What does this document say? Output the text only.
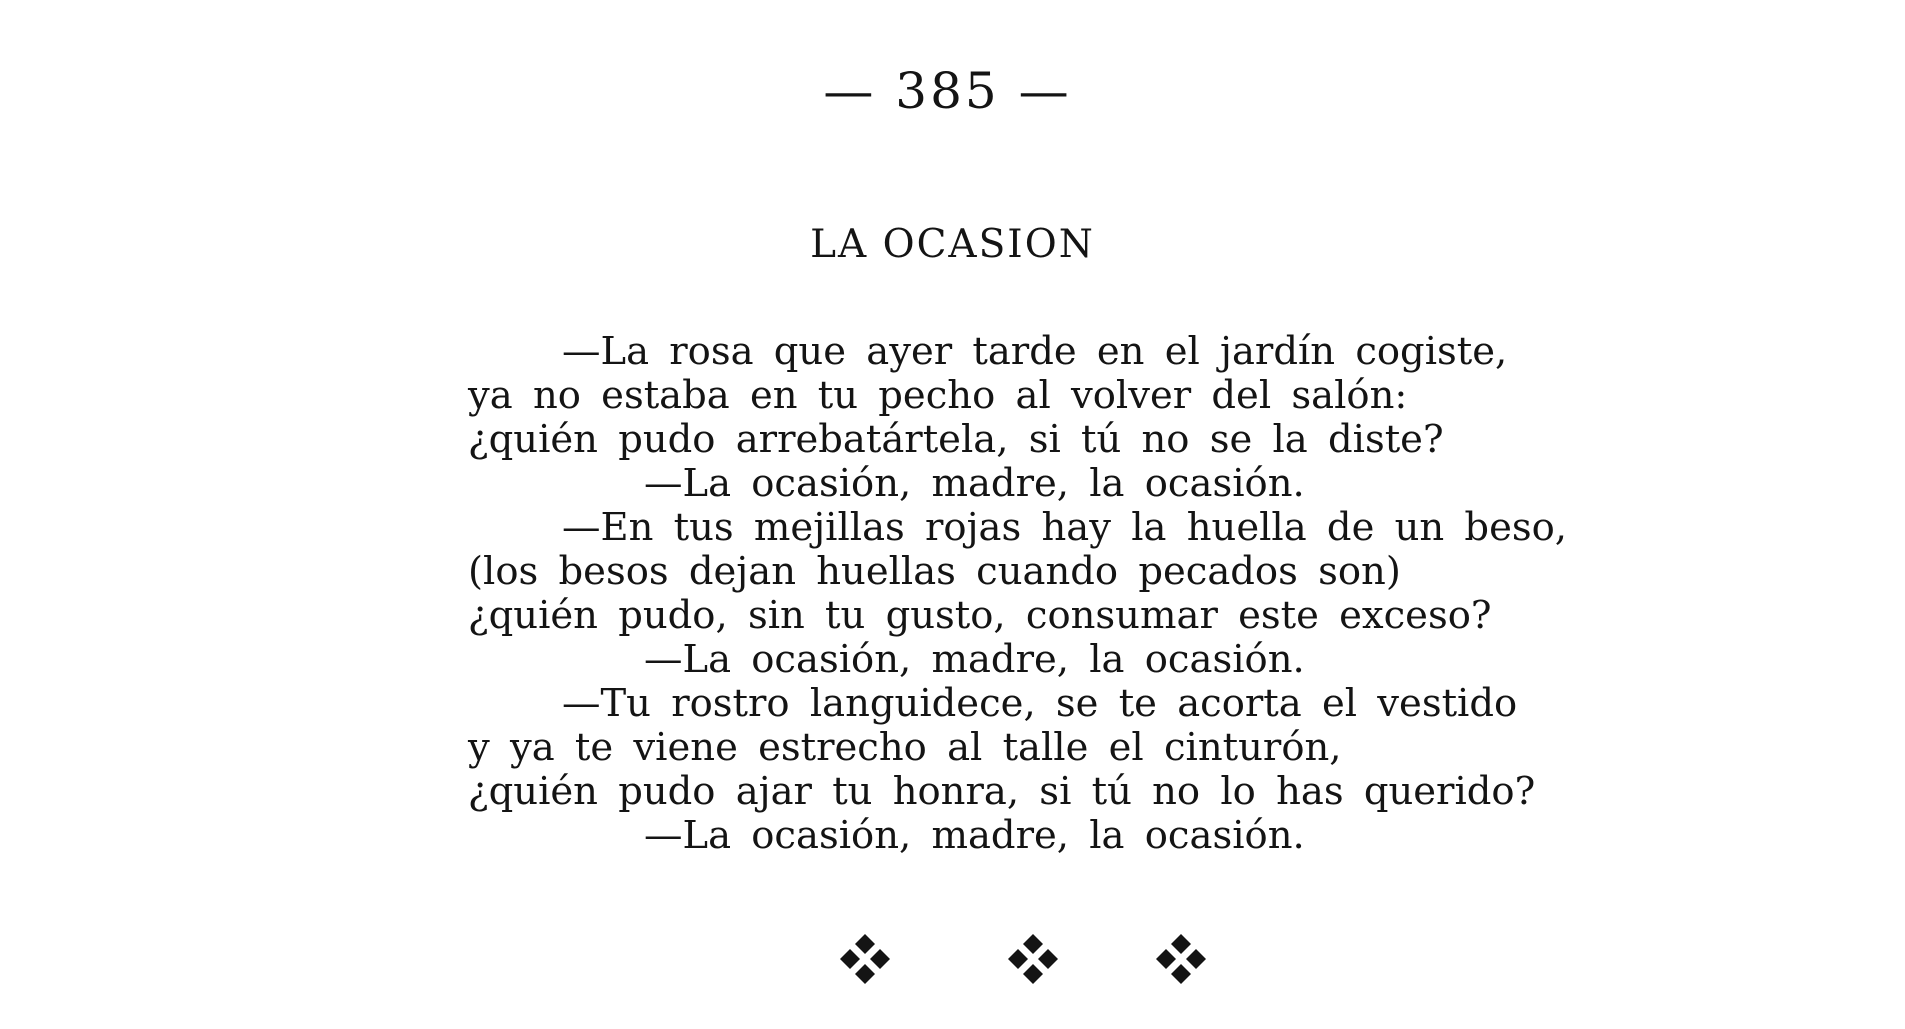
— 385 —
LA OCASION
—La rosa que ayer tarde en el jardín cogiste,
ya no estaba en tu pecho al volver del salón:
¿quién pudo arrebatártela, si tú no se la diste?
—La ocasión, madre, la ocasión.
—En tus mejillas rojas hay la huella de un beso,
(los besos dejan huellas cuando pecados son)
¿quién pudo, sin tu gusto, consumar este exceso?
—La ocasión, madre, la ocasión.
—Tu rostro languidece, se te acorta el vestido
y ya te viene estrecho al talle el cinturón,
¿quién pudo ajar tu honra, si tú no lo has querido?
—La ocasión, madre, la ocasión.
